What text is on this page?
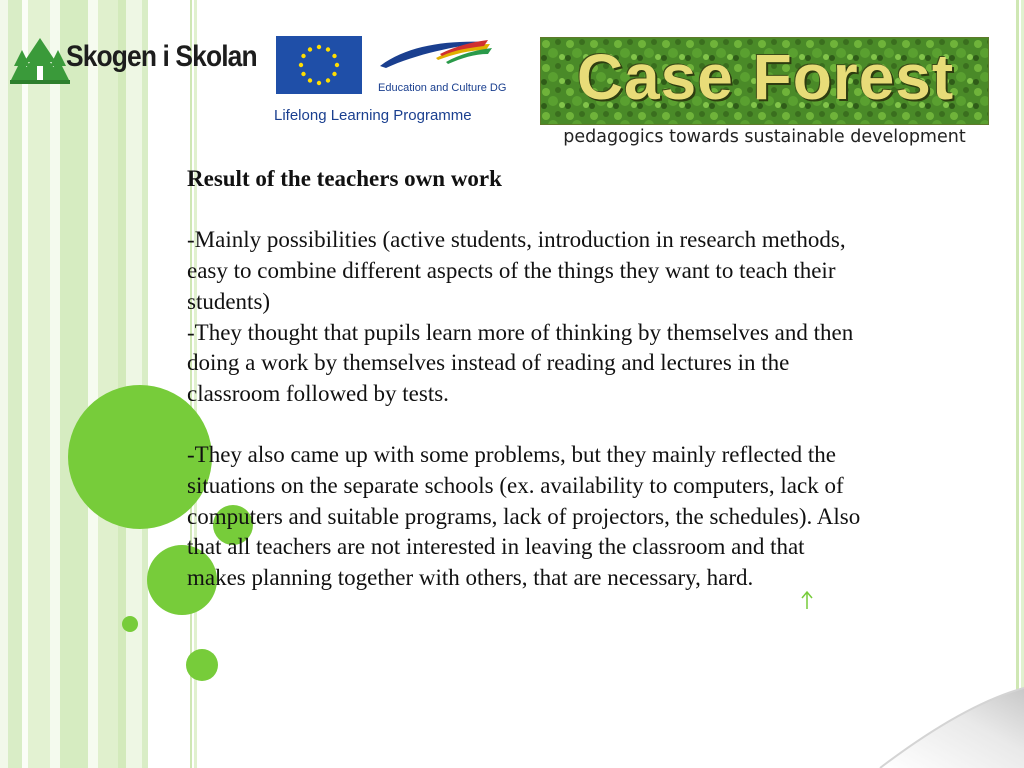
Skogen i Skolan
Education and Culture DG
Lifelong Learning Programme
Case Forest
pedagogics towards sustainable development

Result of the teachers own work

-Mainly possibilities (active students, introduction in research methods, easy to combine different aspects of the things they want to teach their students)

-They thought that pupils learn more of thinking by themselves and then doing a work by themselves instead of reading and lectures in the classroom followed by tests.

-They also came up with some problems, but they mainly reflected the situations on the separate schools (ex. availability to computers, lack of computers and suitable programs, lack of projectors, the schedules). Also that all teachers are not interested in leaving the classroom and that makes planning together with others, that are necessary, hard.
